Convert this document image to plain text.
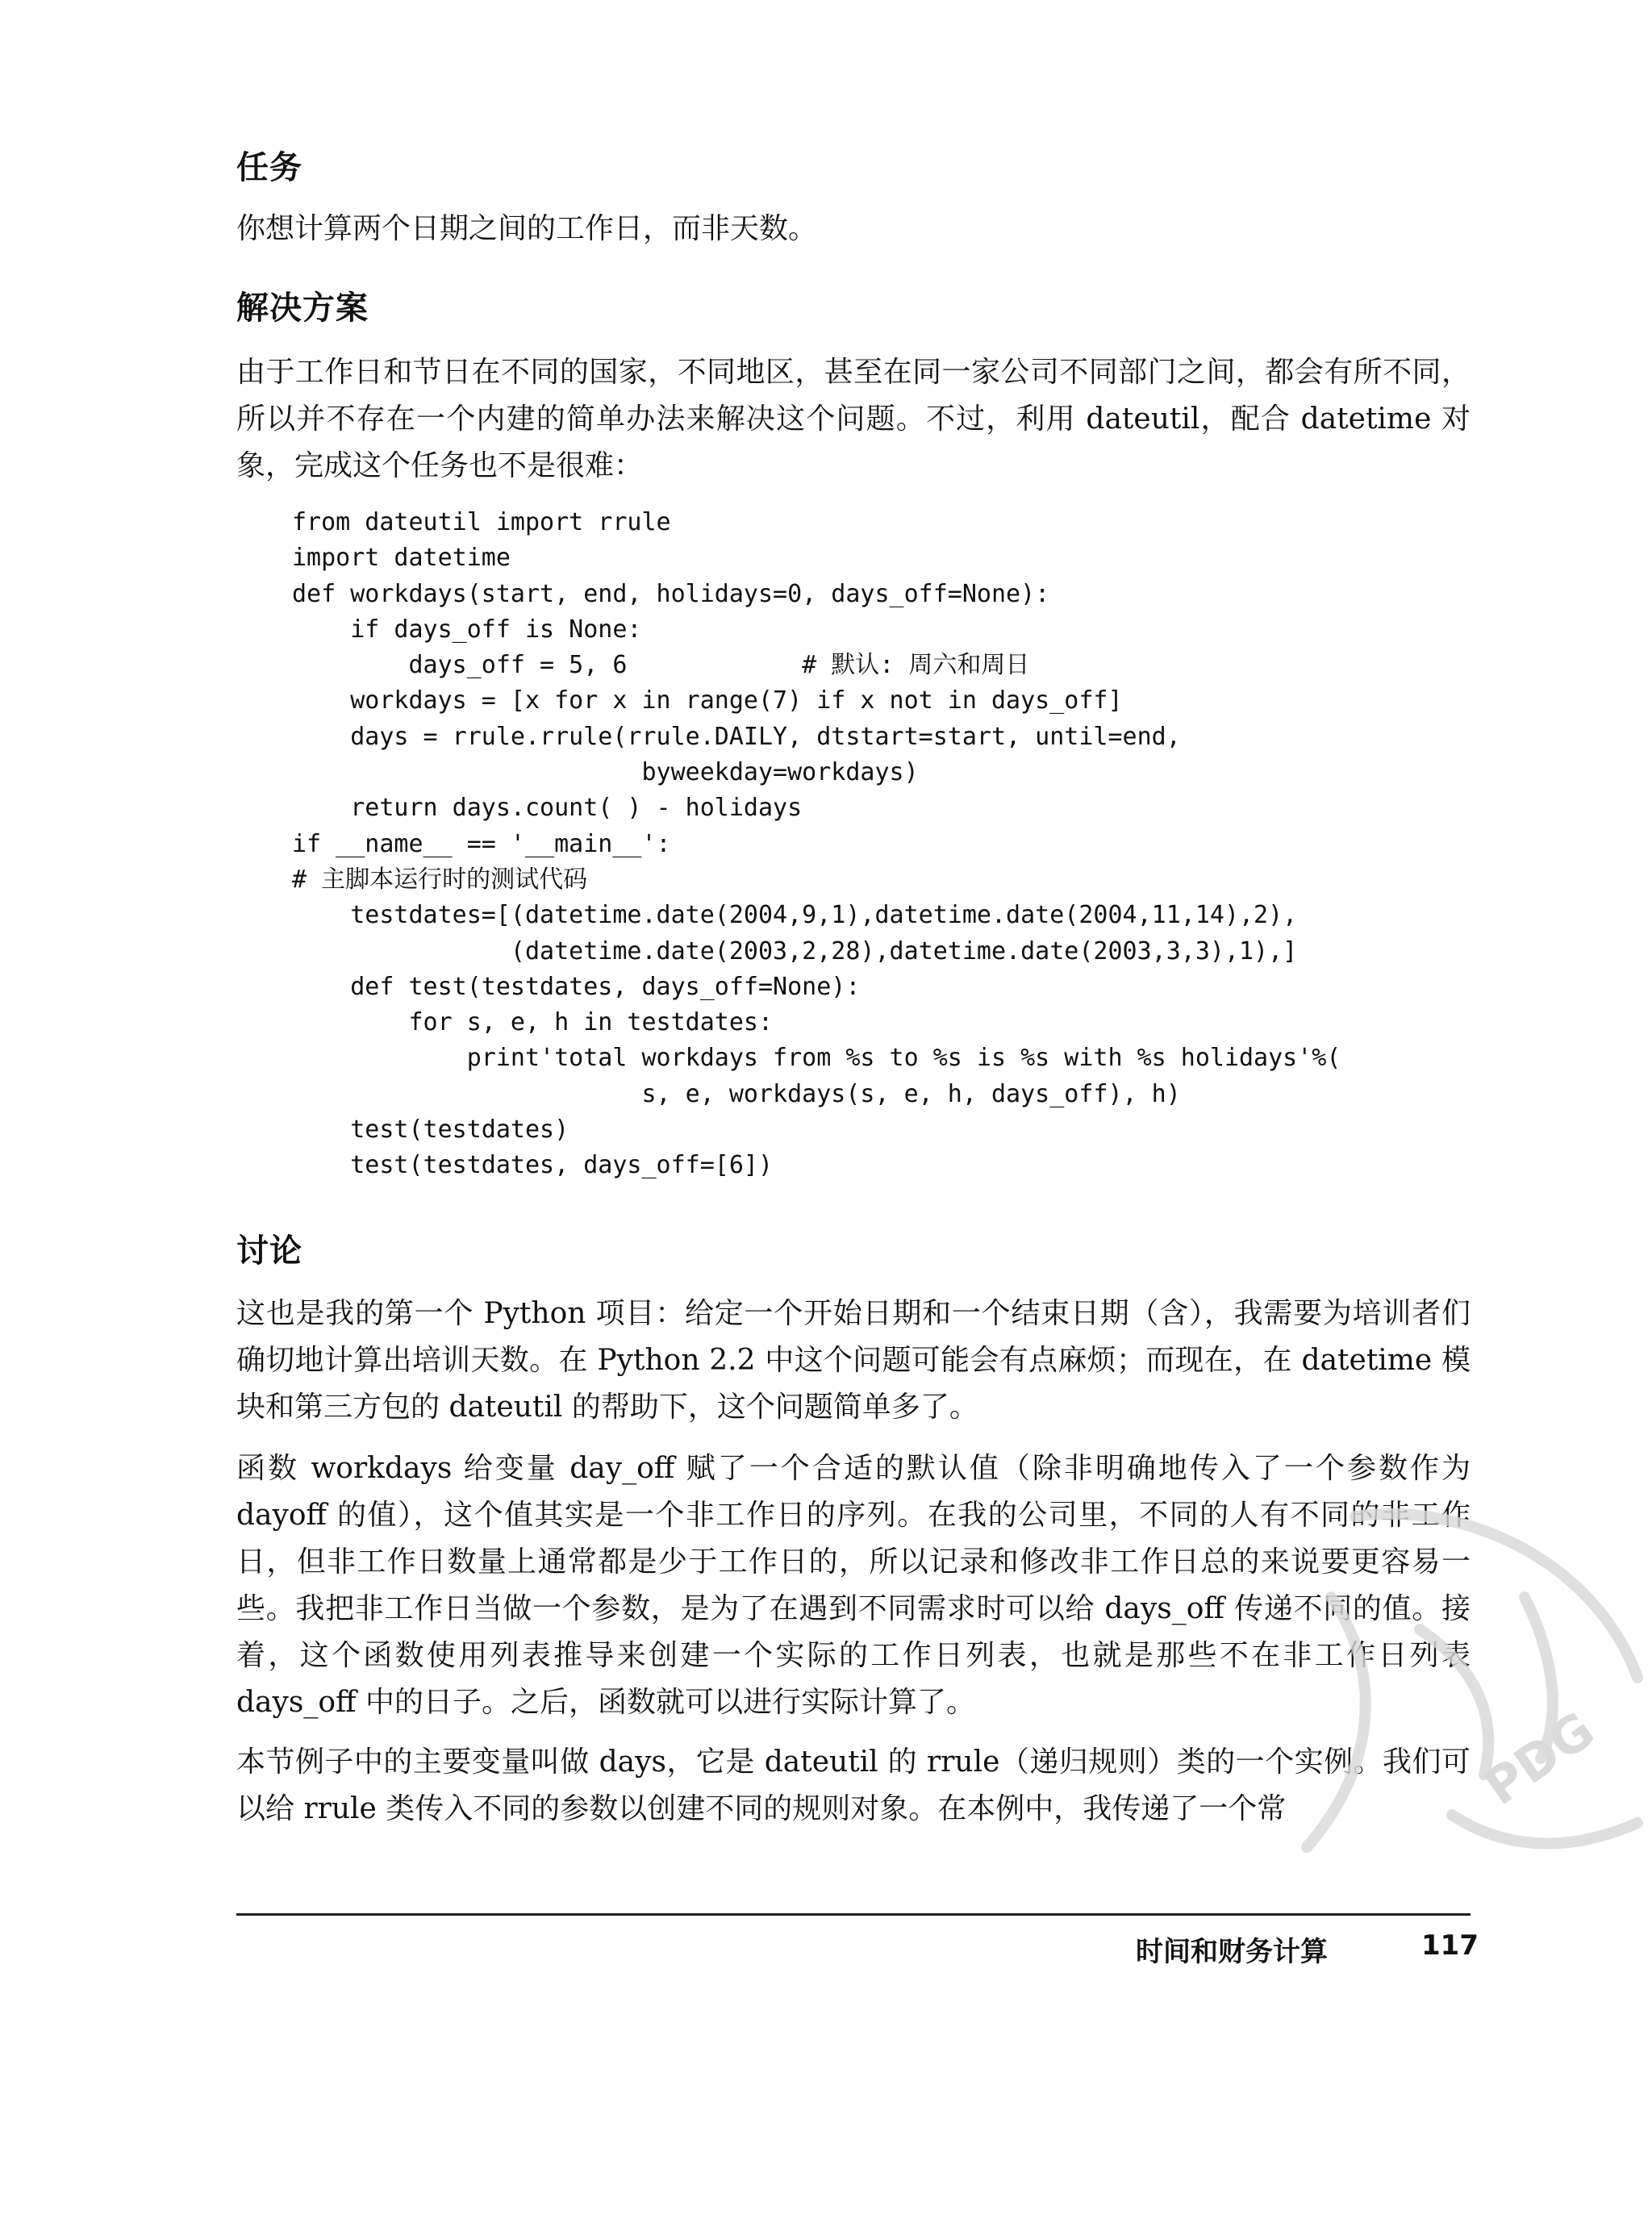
任务

你想计算两个日期之间的工作日，而非天数。

解决方案

由于工作日和节日在不同的国家，不同地区，甚至在同一家公司不同部门之间，都会有所不同，所以并不存在一个内建的简单办法来解决这个问题。不过，利用 dateutil，配合 datetime 对象，完成这个任务也不是很难：

from dateutil import rrule
import datetime
def workdays(start, end, holidays=0, days_off=None):
if days_off is None:
days_off = 5, 6            # 默认: 周六和周日
workdays = [x for x in range(7) if x not in days_off]
days = rrule.rrule(rrule.DAILY, dtstart=start, until=end,
byweekday=workdays)
return days.count( ) - holidays
if __name__ == '__main__':
# 主脚本运行时的测试代码
testdates=[(datetime.date(2004,9,1),datetime.date(2004,11,14),2),
(datetime.date(2003,2,28),datetime.date(2003,3,3),1),]
def test(testdates, days_off=None):
for s, e, h in testdates:
print'total workdays from %s to %s is %s with %s holidays'%(
s, e, workdays(s, e, h, days_off), h)
test(testdates)
test(testdates, days_off=[6])
讨论

这也是我的第一个 Python 项目：给定一个开始日期和一个结束日期（含），我需要为培训者们确切地计算出培训天数。在 Python 2.2 中这个问题可能会有点麻烦；而现在，在 datetime 模块和第三方包的 dateutil 的帮助下，这个问题简单多了。

函数 workdays 给变量 day_off 赋了一个合适的默认值（除非明确地传入了一个参数作为 dayoff 的值），这个值其实是一个非工作日的序列。在我的公司里，不同的人有不同的非工作日，但非工作日数量上通常都是少于工作日的，所以记录和修改非工作日总的来说要更容易一些。我把非工作日当做一个参数，是为了在遇到不同需求时可以给 days_off 传递不同的值。接着，这个函数使用列表推导来创建一个实际的工作日列表，也就是那些不在非工作日列表 days_off 中的日子。之后，函数就可以进行实际计算了。

本节例子中的主要变量叫做 days，它是 dateutil 的 rrule（递归规则）类的一个实例。我们可以给 rrule 类传入不同的参数以创建不同的规则对象。在本例中，我传递了一个常

时间和财务计算	117
PDG
